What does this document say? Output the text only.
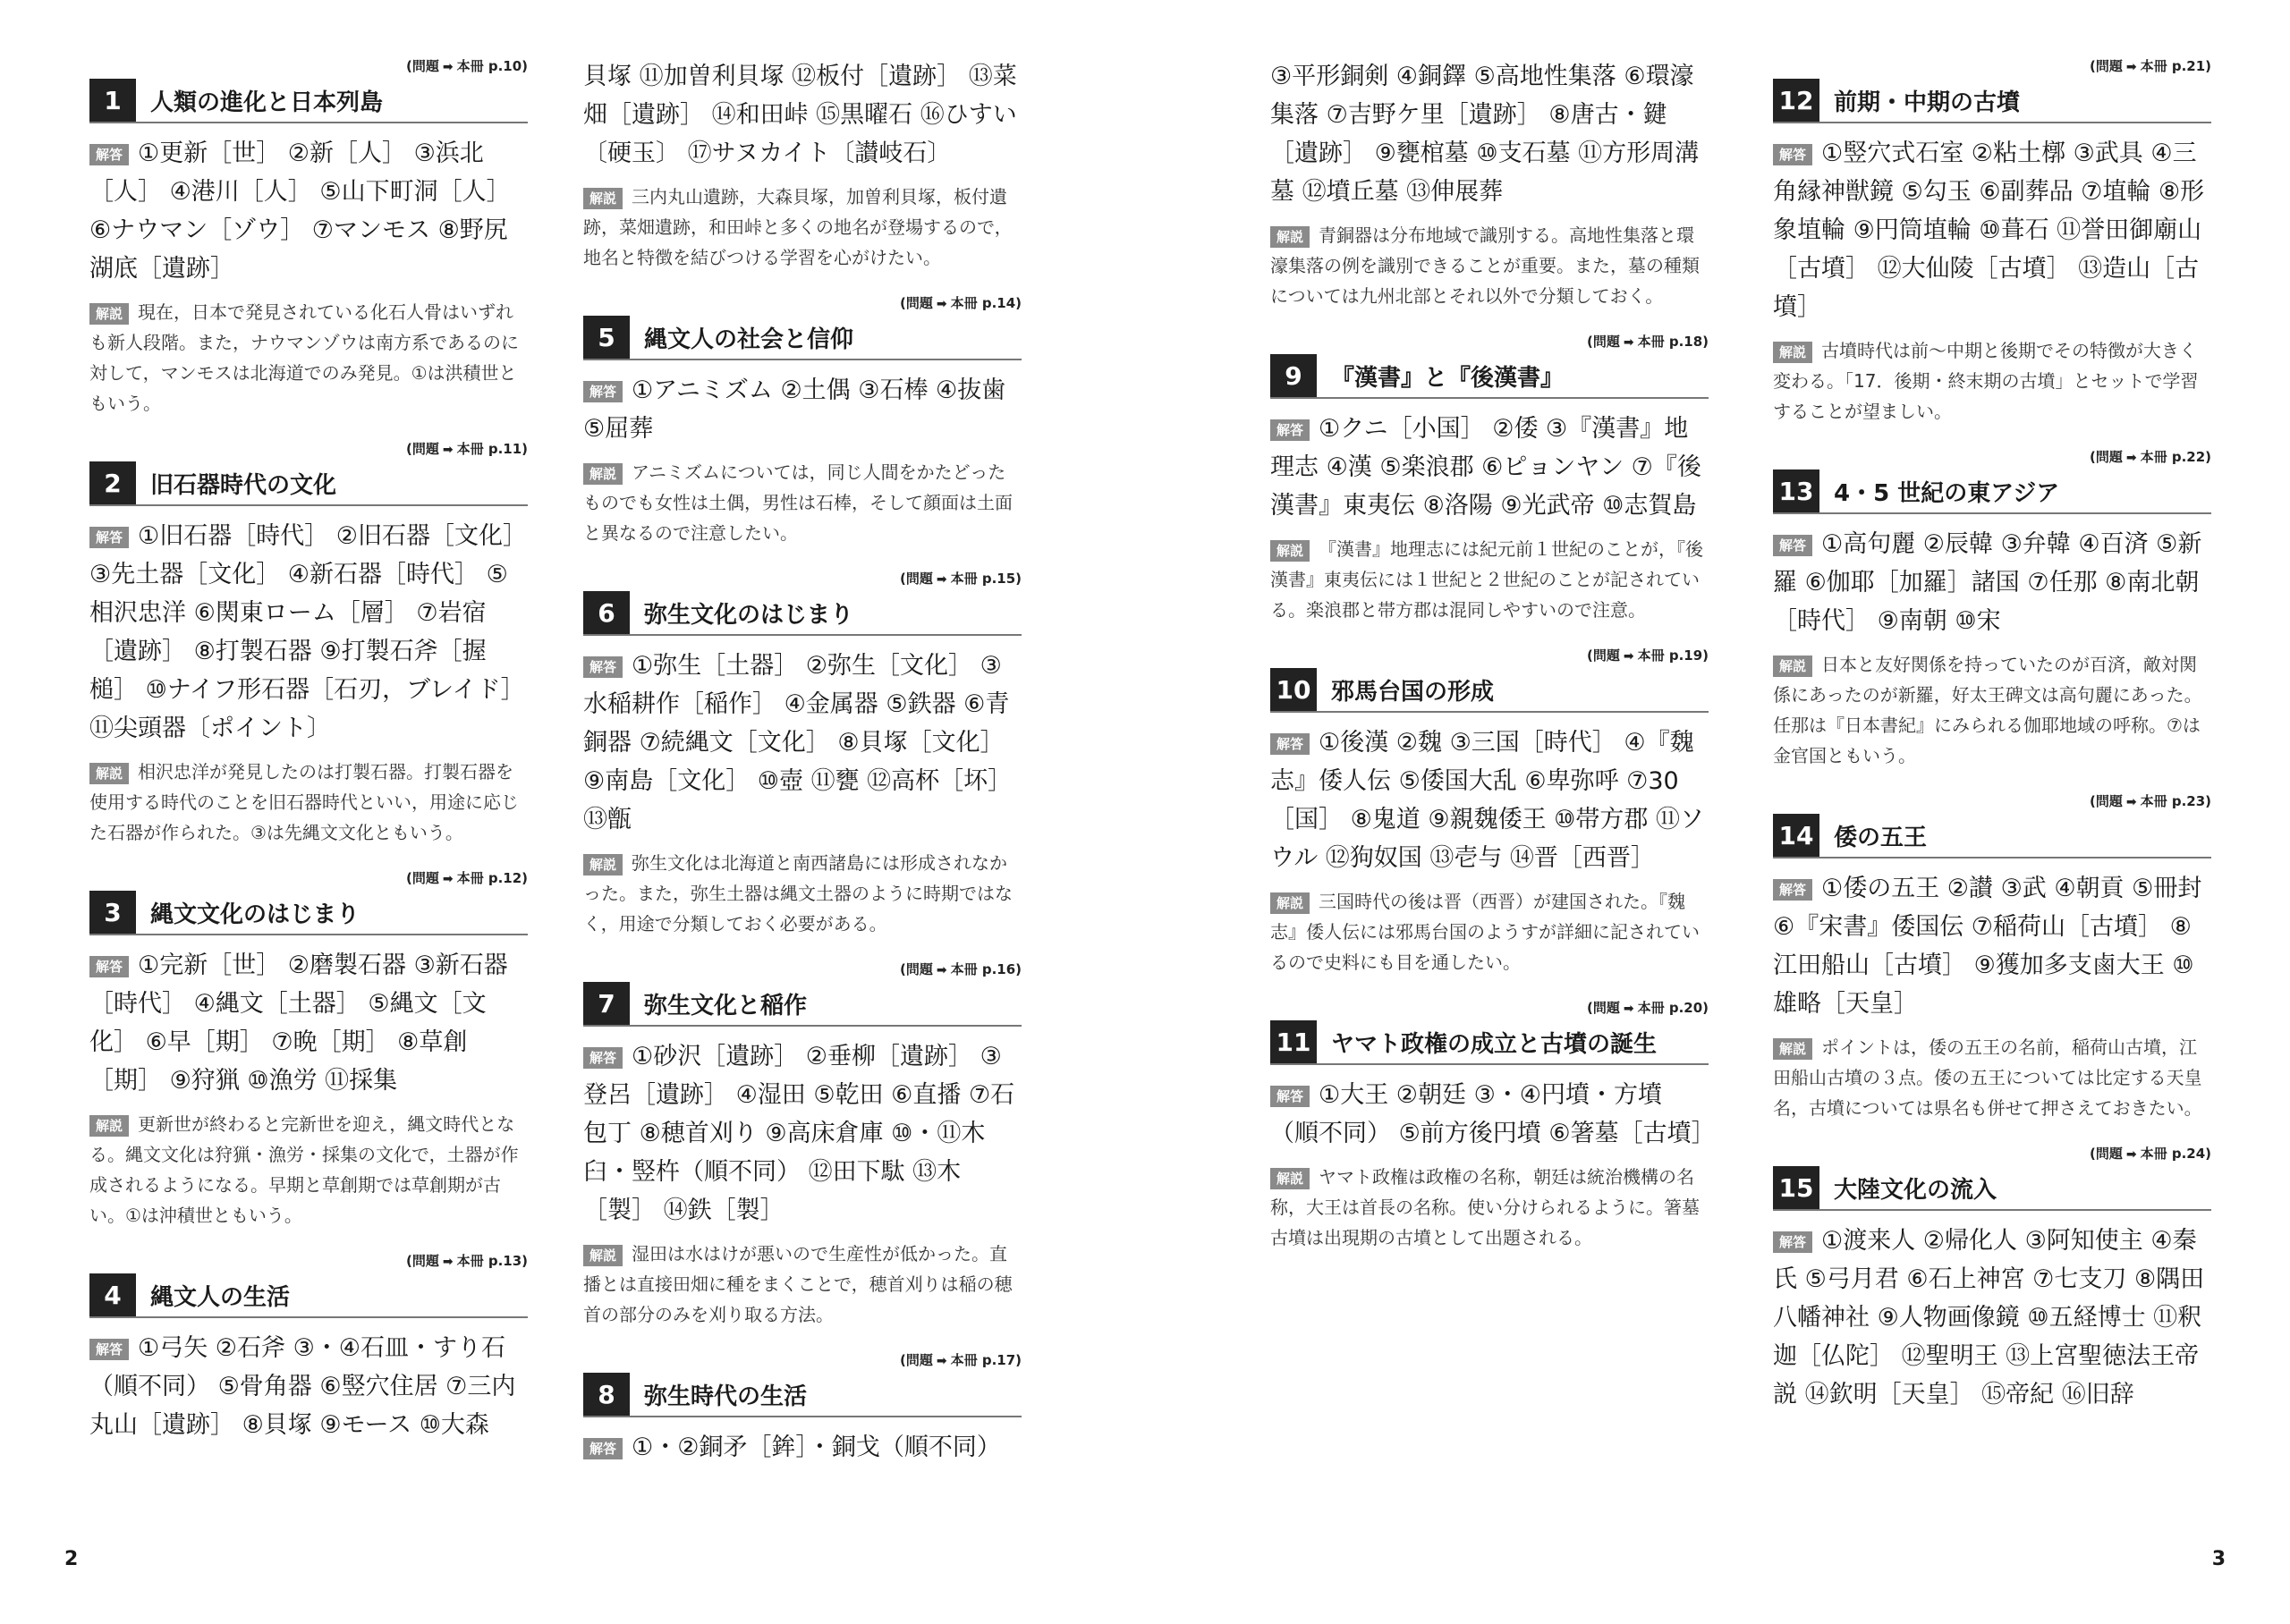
(問題 ➡ 本冊 p.10)
1	人類の進化と日本列島
解答 ①更新［世］ ②新［人］ ③浜北［人］ ④港川［人］ ⑤山下町洞［人］ ⑥ナウマン［ゾウ］ ⑦マンモス ⑧野尻湖底［遺跡］
解説 現在，日本で発見されている化石人骨はいずれも新人段階。また，ナウマンゾウは南方系であるのに対して，マンモスは北海道でのみ発見。①は洪積世ともいう。
(問題 ➡ 本冊 p.11)
2	旧石器時代の文化
解答 ①旧石器［時代］ ②旧石器［文化］ ③先土器［文化］ ④新石器［時代］ ⑤相沢忠洋 ⑥関東ローム［層］ ⑦岩宿［遺跡］ ⑧打製石器 ⑨打製石斧［握槌］ ⑩ナイフ形石器［石刃，ブレイド］ ⑪尖頭器〔ポイント〕
解説 相沢忠洋が発見したのは打製石器。打製石器を使用する時代のことを旧石器時代といい，用途に応じた石器が作られた。③は先縄文文化ともいう。
(問題 ➡ 本冊 p.12)
3	縄文文化のはじまり
解答 ①完新［世］ ②磨製石器 ③新石器［時代］ ④縄文［土器］ ⑤縄文［文化］ ⑥早［期］ ⑦晩［期］ ⑧草創［期］ ⑨狩猟 ⑩漁労 ⑪採集
解説 更新世が終わると完新世を迎え，縄文時代となる。縄文文化は狩猟・漁労・採集の文化で，土器が作成されるようになる。早期と草創期では草創期が古い。①は沖積世ともいう。
(問題 ➡ 本冊 p.13)
4	縄文人の生活
解答 ①弓矢 ②石斧 ③・④石皿・すり石（順不同） ⑤骨角器 ⑥竪穴住居 ⑦三内丸山［遺跡］ ⑧貝塚 ⑨モース ⑩大森
貝塚 ⑪加曽利貝塚 ⑫板付［遺跡］ ⑬菜畑［遺跡］ ⑭和田峠 ⑮黒曜石 ⑯ひすい〔硬玉〕 ⑰サヌカイト〔讃岐石〕
解説 三内丸山遺跡，大森貝塚，加曽利貝塚，板付遺跡，菜畑遺跡，和田峠と多くの地名が登場するので，地名と特徴を結びつける学習を心がけたい。
(問題 ➡ 本冊 p.14)
5	縄文人の社会と信仰
解答 ①アニミズム ②土偶 ③石棒 ④抜歯 ⑤屈葬
解説 アニミズムについては，同じ人間をかたどったものでも女性は土偶，男性は石棒，そして顔面は土面と異なるので注意したい。
(問題 ➡ 本冊 p.15)
6	弥生文化のはじまり
解答 ①弥生［土器］ ②弥生［文化］ ③水稲耕作［稲作］ ④金属器 ⑤鉄器 ⑥青銅器 ⑦続縄文［文化］ ⑧貝塚［文化］ ⑨南島［文化］ ⑩壺 ⑪甕 ⑫高杯［坏］ ⑬甑
解説 弥生文化は北海道と南西諸島には形成されなかった。また，弥生土器は縄文土器のように時期ではなく，用途で分類しておく必要がある。
(問題 ➡ 本冊 p.16)
7	弥生文化と稲作
解答 ①砂沢［遺跡］ ②垂柳［遺跡］ ③登呂［遺跡］ ④湿田 ⑤乾田 ⑥直播 ⑦石包丁 ⑧穂首刈り ⑨高床倉庫 ⑩・⑪木臼・竪杵（順不同） ⑫田下駄 ⑬木［製］ ⑭鉄［製］
解説 湿田は水はけが悪いので生産性が低かった。直播とは直接田畑に種をまくことで，穂首刈りは稲の穂首の部分のみを刈り取る方法。
(問題 ➡ 本冊 p.17)
8	弥生時代の生活
解答 ①・②銅矛［鉾］・銅戈（順不同）
2
③平形銅剣 ④銅鐸 ⑤高地性集落 ⑥環濠集落 ⑦吉野ケ里［遺跡］ ⑧唐古・鍵［遺跡］ ⑨甕棺墓 ⑩支石墓 ⑪方形周溝墓 ⑫墳丘墓 ⑬伸展葬
解説 青銅器は分布地域で識別する。高地性集落と環濠集落の例を識別できることが重要。また，墓の種類については九州北部とそれ以外で分類しておく。
(問題 ➡ 本冊 p.18)
9	『漢書』と『後漢書』
解答 ①クニ［小国］ ②倭 ③『漢書』地理志 ④漢 ⑤楽浪郡 ⑥ピョンヤン ⑦『後漢書』東夷伝 ⑧洛陽 ⑨光武帝 ⑩志賀島
解説 『漢書』地理志には紀元前１世紀のことが，『後漢書』東夷伝には１世紀と２世紀のことが記されている。楽浪郡と帯方郡は混同しやすいので注意。
(問題 ➡ 本冊 p.19)
10 邪馬台国の形成
解答 ①後漢 ②魏 ③三国［時代］ ④『魏志』倭人伝 ⑤倭国大乱 ⑥卑弥呼 ⑦30［国］ ⑧鬼道 ⑨親魏倭王 ⑩帯方郡 ⑪ソウル ⑫狗奴国 ⑬壱与 ⑭晋［西晋］
解説 三国時代の後は晋（西晋）が建国された。『魏志』倭人伝には邪馬台国のようすが詳細に記されているので史料にも目を通したい。
(問題 ➡ 本冊 p.20)
11 ヤマト政権の成立と古墳の誕生
解答 ①大王 ②朝廷 ③・④円墳・方墳（順不同） ⑤前方後円墳 ⑥箸墓［古墳］
解説 ヤマト政権は政権の名称，朝廷は統治機構の名称，大王は首長の名称。使い分けられるように。箸墓古墳は出現期の古墳として出題される。
(問題 ➡ 本冊 p.21)
12 前期・中期の古墳
解答 ①竪穴式石室 ②粘土槨 ③武具 ④三角縁神獣鏡 ⑤勾玉 ⑥副葬品 ⑦埴輪 ⑧形象埴輪 ⑨円筒埴輪 ⑩葺石 ⑪誉田御廟山［古墳］ ⑫大仙陵［古墳］ ⑬造山［古墳］
解説 古墳時代は前～中期と後期でその特徴が大きく変わる。「17．後期・終末期の古墳」とセットで学習することが望ましい。
(問題 ➡ 本冊 p.22)
13 4・5 世紀の東アジア
解答 ①高句麗 ②辰韓 ③弁韓 ④百済 ⑤新羅 ⑥伽耶［加羅］諸国 ⑦任那 ⑧南北朝［時代］ ⑨南朝 ⑩宋
解説 日本と友好関係を持っていたのが百済，敵対関係にあったのが新羅，好太王碑文は高句麗にあった。任那は『日本書紀』にみられる伽耶地域の呼称。⑦は金官国ともいう。
(問題 ➡ 本冊 p.23)
14 倭の五王
解答 ①倭の五王 ②讃 ③武 ④朝貢 ⑤冊封 ⑥『宋書』倭国伝 ⑦稲荷山［古墳］ ⑧江田船山［古墳］ ⑨獲加多支鹵大王 ⑩雄略［天皇］
解説 ポイントは，倭の五王の名前，稲荷山古墳，江田船山古墳の３点。倭の五王については比定する天皇名，古墳については県名も併せて押さえておきたい。
(問題 ➡ 本冊 p.24)
15 大陸文化の流入
解答 ①渡来人 ②帰化人 ③阿知使主 ④秦氏 ⑤弓月君 ⑥石上神宮 ⑦七支刀 ⑧隅田八幡神社 ⑨人物画像鏡 ⑩五経博士 ⑪釈迦［仏陀］ ⑫聖明王 ⑬上宮聖徳法王帝説 ⑭欽明［天皇］ ⑮帝紀 ⑯旧辞
3
